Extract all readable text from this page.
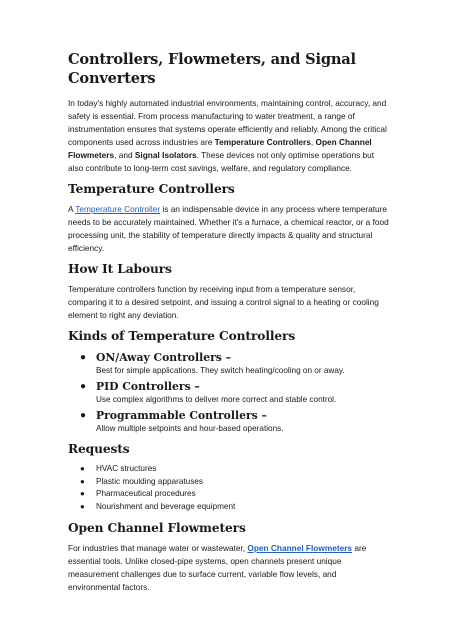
Controllers, Flowmeters, and Signal Converters

In today's highly automated industrial environments, maintaining control, accuracy, and safety is essential. From process manufacturing to water treatment, a range of instrumentation ensures that systems operate efficiently and reliably. Among the critical components used across industries are Temperature Controllers, Open Channel Flowmeters, and Signal Isolators. These devices not only optimise operations but also contribute to long-term cost savings, welfare, and regulatory compliance.

Temperature Controllers

A Temperature Controller is an indispensable device in any process where temperature needs to be accurately maintained. Whether it's a furnace, a chemical reactor, or a food processing unit, the stability of temperature directly impacts & quality and structural efficiency.

How It Labours

Temperature controllers function by receiving input from a temperature sensor, comparing it to a desired setpoint, and issuing a control signal to a heating or cooling element to right any deviation.

Kinds of Temperature Controllers
● ON/Away Controllers –
Best for simple applications. They switch heating/cooling on or away.
● PID Controllers –
Use complex algorithms to deliver more correct and stable control.
● Programmable Controllers –
Allow multiple setpoints and hour-based operations.
Requests
● HVAC structures
● Plastic moulding apparatuses
● Pharmaceutical procedures
● Nourishment and beverage equipment
Open Channel Flowmeters

For industries that manage water or wastewater, Open Channel Flowmeters are essential tools. Unlike closed-pipe systems, open channels present unique measurement challenges due to surface current, variable flow levels, and environmental factors.
